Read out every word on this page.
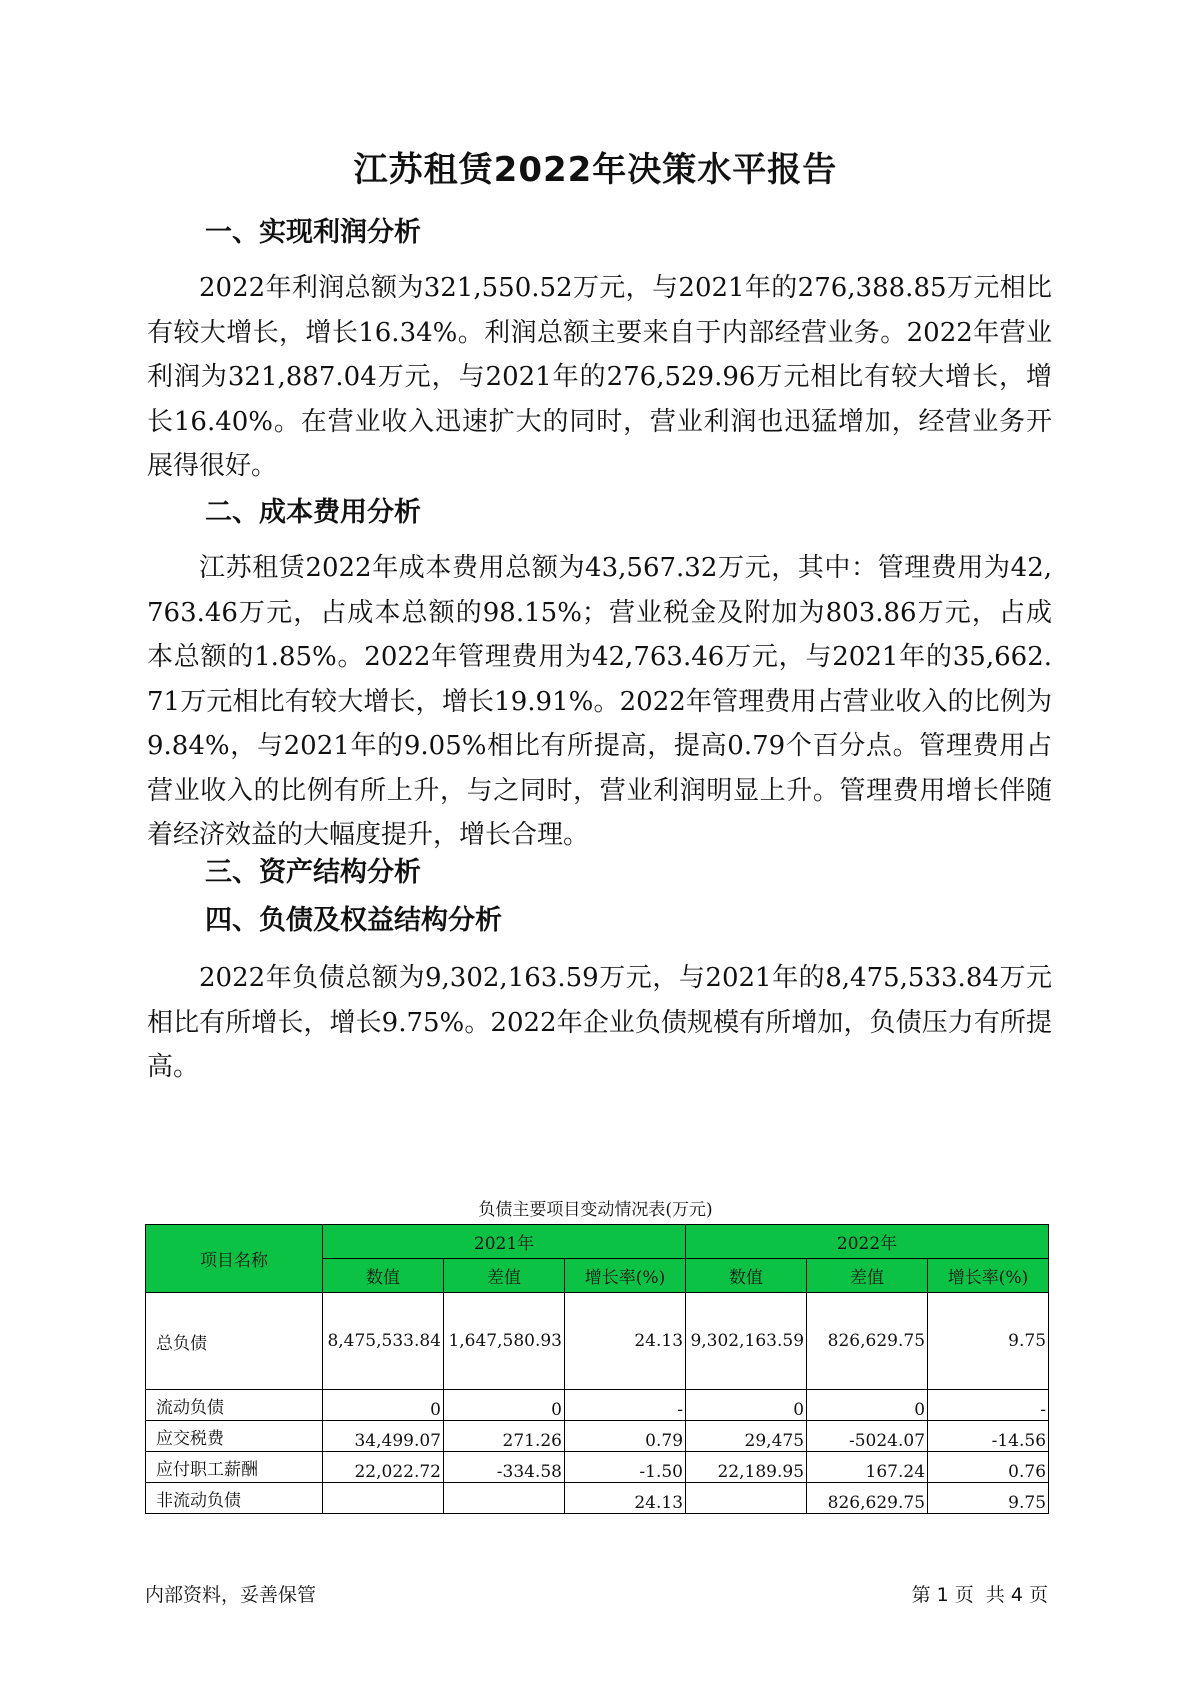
江苏租赁2022年决策水平报告
一、实现利润分析
2022年利润总额为321,550.52万元，与2021年的276,388.85万元相比有较大增长，增长16.34%。利润总额主要来自于内部经营业务。2022年营业利润为321,887.04万元，与2021年的276,529.96万元相比有较大增长，增长16.40%。在营业收入迅速扩大的同时，营业利润也迅猛增加，经营业务开展得很好。
二、成本费用分析
江苏租赁2022年成本费用总额为43,567.32万元，其中：管理费用为42,763.46万元，占成本总额的98.15%；营业税金及附加为803.86万元，占成本总额的1.85%。2022年管理费用为42,763.46万元，与2021年的35,662.71万元相比有较大增长，增长19.91%。2022年管理费用占营业收入的比例为9.84%，与2021年的9.05%相比有所提高，提高0.79个百分点。管理费用占营业收入的比例有所上升，与之同时，营业利润明显上升。管理费用增长伴随着经济效益的大幅度提升，增长合理。
三、资产结构分析
四、负债及权益结构分析
2022年负债总额为9,302,163.59万元，与2021年的8,475,533.84万元相比有所增长，增长9.75%。2022年企业负债规模有所增加，负债压力有所提高。
负债主要项目变动情况表(万元)
项目名称	2021年			2022年		
	数值	差值	增长率(%)	数值	差值	增长率(%)
总负债	8,475,533.84	1,647,580.93	24.13	9,302,163.59	826,629.75	9.75
流动负债	0	0	-	0	0	-
应交税费	34,499.07	271.26	0.79	29,475	-5024.07	-14.56
应付职工薪酬	22,022.72	-334.58	-1.50	22,189.95	167.24	0.76
非流动负债			24.13		826,629.75	9.75
内部资料，妥善保管	第 1 页  共 4 页
